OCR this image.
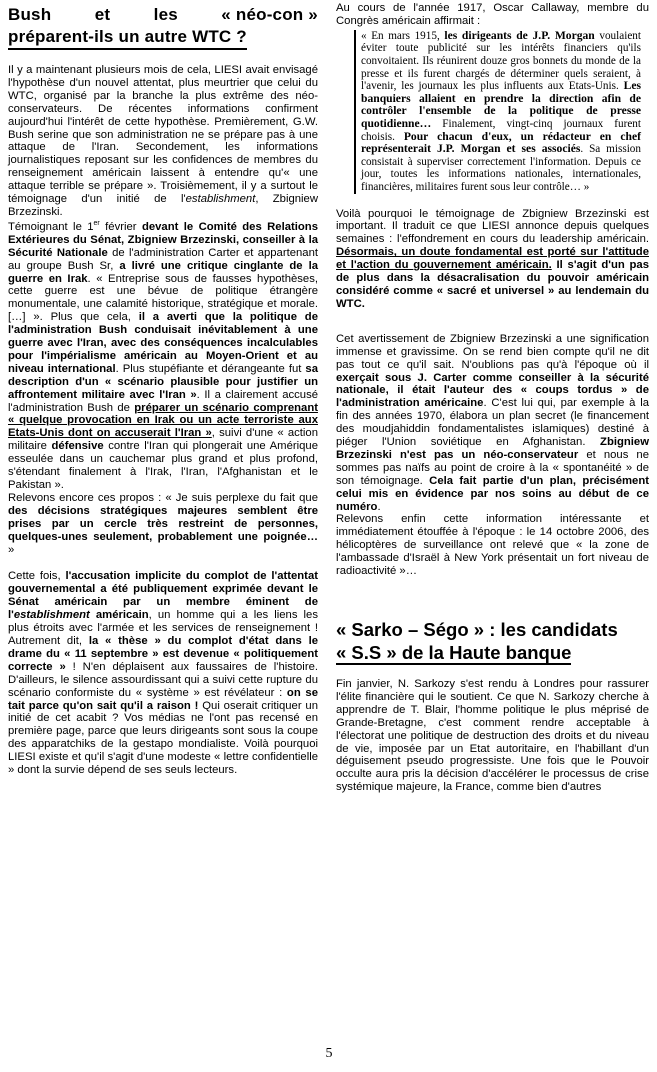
Bush	et	les	« néo-con »
préparent-ils un autre WTC ?

Il y a maintenant plusieurs mois de cela, LIESI avait envisagé l'hypothèse d'un nouvel attentat, plus meurtrier que celui du WTC, organisé par la branche la plus extrême des néo-conservateurs. De récentes informations confirment aujourd'hui l'intérêt de cette hypothèse. Premièrement, G.W. Bush serine que son administration ne se prépare pas à une attaque de l'Iran. Secondement, les informations journalistiques reposant sur les confidences de membres du renseignement américain laissent à entendre qu'« une attaque terrible se prépare ». Troisièmement, il y a surtout le témoignage d'un initié de l'establishment, Zbigniew Brzezinski.

Témoignant le 1er février devant le Comité des Relations Extérieures du Sénat, Zbigniew Brzezinski, conseiller à la Sécurité Nationale de l'administration Carter et appartenant au groupe Bush Sr, a livré une critique cinglante de la guerre en Irak. « Entreprise sous de fausses hypothèses, cette guerre est une bévue de politique étrangère monumentale, une calamité historique, stratégique et morale. […] ». Plus que cela, il a averti que la politique de l'administration Bush conduisait inévitablement à une guerre avec l'Iran, avec des conséquences incalculables pour l'impérialisme américain au Moyen-Orient et au niveau international. Plus stupéfiante et dérangeante fut sa description d'un « scénario plausible pour justifier un affrontement militaire avec l'Iran ». Il a clairement accusé l'administration Bush de préparer un scénario comprenant « quelque provocation en Irak ou un acte terroriste aux Etats-Unis dont on accuserait l'Iran », suivi d'une « action militaire défensive contre l'Iran qui plongerait une Amérique esseulée dans un cauchemar plus grand et plus profond, s'étendant finalement à l'Irak, l'Iran, l'Afghanistan et le Pakistan ».

Relevons encore ces propos : « Je suis perplexe du fait que des décisions stratégiques majeures semblent être prises par un cercle très restreint de personnes, quelques-unes seulement, probablement une poignée… »

Cette fois, l'accusation implicite du complot de l'attentat gouvernemental a été publiquement exprimée devant le Sénat américain par un membre éminent de l'establishment américain, un homme qui a les liens les plus étroits avec l'armée et les services de renseignement ! Autrement dit, la « thèse » du complot d'état dans le drame du « 11 septembre » est devenue « politiquement correcte » ! N'en déplaisent aux faussaires de l'histoire. D'ailleurs, le silence assourdissant qui a suivi cette rupture du scénario conformiste du « système » est révélateur : on se tait parce qu'on sait qu'il a raison ! Qui oserait critiquer un initié de cet acabit ? Vos médias ne l'ont pas recensé en première page, parce que leurs dirigeants sont sous la coupe des apparatchiks de la gestapo mondialiste. Voilà pourquoi LIESI existe et qu'il s'agit d'une modeste « lettre confidentielle » dont la survie dépend de ses seuls lecteurs.

Au cours de l'année 1917, Oscar Callaway, membre du Congrès américain affirmait :

« En mars 1915, les dirigeants de J.P. Morgan voulaient éviter toute publicité sur les intérêts financiers qu'ils convoitaient. Ils réunirent douze gros bonnets du monde de la presse et ils furent chargés de déterminer quels seraient, à l'avenir, les journaux les plus influents aux Etats-Unis. Les banquiers allaient en prendre la direction afin de contrôler l'ensemble de la politique de presse quotidienne… Finalement, vingt-cinq journaux furent choisis. Pour chacun d'eux, un rédacteur en chef représenterait J.P. Morgan et ses associés. Sa mission consistait à superviser correctement l'information. Depuis ce jour, toutes les informations nationales, internationales, financières, militaires furent sous leur contrôle… »

Voilà pourquoi le témoignage de Zbigniew Brzezinski est important. Il traduit ce que LIESI annonce depuis quelques semaines : l'effondrement en cours du leadership américain. Désormais, un doute fondamental est porté sur l'attitude et l'action du gouvernement américain. Il s'agit d'un pas de plus dans la désacralisation du pouvoir américain considéré comme « sacré et universel » au lendemain du WTC.

Cet avertissement de Zbigniew Brzezinski a une signification immense et gravissime. On se rend bien compte qu'il ne dit pas tout ce qu'il sait. N'oublions pas qu'à l'époque où il exerçait sous J. Carter comme conseiller à la sécurité nationale, il était l'auteur des « coups tordus » de l'administration américaine. C'est lui qui, par exemple à la fin des années 1970, élabora un plan secret (le financement des moudjahiddin fondamentalistes islamiques) destiné à piéger l'Union soviétique en Afghanistan. Zbigniew Brzezinski n'est pas un néo-conservateur et nous ne sommes pas naïfs au point de croire à la « spontanéité » de son témoignage. Cela fait partie d'un plan, précisément celui mis en évidence par nos soins au début de ce numéro.

Relevons enfin cette information intéressante et immédiatement étouffée à l'époque : le 14 octobre 2006, des hélicoptères de surveillance ont relevé que « la zone de l'ambassade d'Israël à New York présentait un fort niveau de radioactivité »…

« Sarko – Ségo » : les candidats
« S.S » de la Haute banque

Fin janvier, N. Sarkozy s'est rendu à Londres pour rassurer l'élite financière qui le soutient. Ce que N. Sarkozy cherche à apprendre de T. Blair, l'homme politique le plus méprisé de Grande-Bretagne, c'est comment rendre acceptable à l'électorat une politique de destruction des droits et du niveau de vie, imposée par un Etat autoritaire, en l'habillant d'un déguisement pseudo progressiste. Une fois que le Pouvoir occulte aura pris la décision d'accélérer le processus de crise systémique majeure, la France, comme bien d'autres

5
